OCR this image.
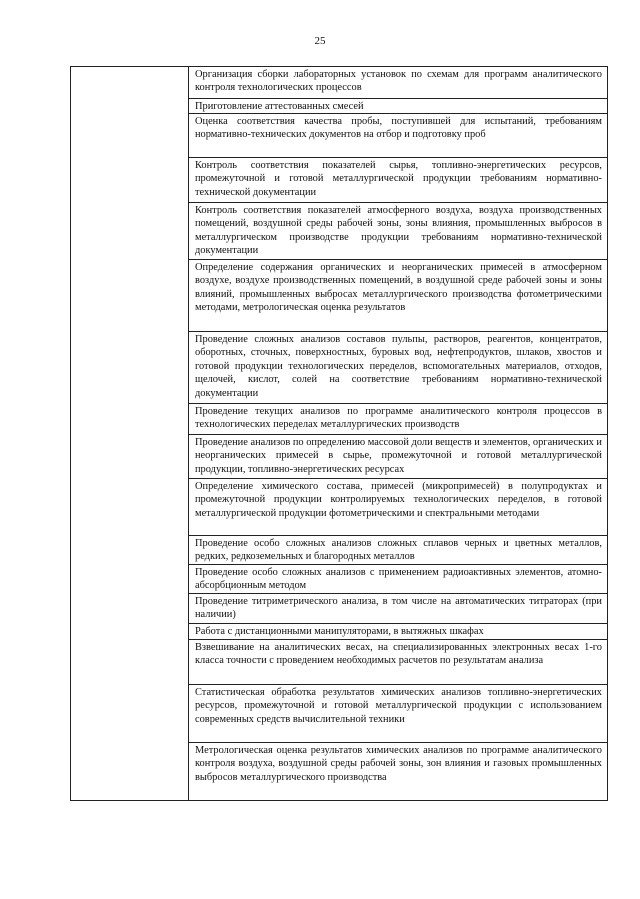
25

Организация сборки лабораторных установок по схемам для программ аналитического контроля технологических процессов

Приготовление аттестованных смесей

Оценка соответствия качества пробы, поступившей для испытаний, требованиям нормативно-технических документов на отбор и подготовку проб

Контроль соответствия показателей сырья, топливно-энергетических ресурсов, промежуточной и готовой металлургической продукции требованиям нормативно-технической документации

Контроль соответствия показателей атмосферного воздуха, воздуха производственных помещений, воздушной среды рабочей зоны, зоны влияния, промышленных выбросов в металлургическом производстве продукции требованиям нормативно-технической документации

Определение содержания органических и неорганических примесей в атмосферном воздухе, воздухе производственных помещений, в воздушной среде рабочей зоны и зоны влияний, промышленных выбросах металлургического производства фотометрическими методами, метрологическая оценка результатов

Проведение сложных анализов составов пульпы, растворов, реагентов, концентратов, оборотных, сточных, поверхностных, буровых вод, нефтепродуктов, шлаков, хвостов и готовой продукции технологических переделов, вспомогательных материалов, отходов, щелочей, кислот, солей на соответствие требованиям нормативно-технической документации

Проведение текущих анализов по программе аналитического контроля процессов в технологических переделах металлургических производств

Проведение анализов по определению массовой доли веществ и элементов, органических и неорганических примесей в сырье, промежуточной и готовой металлургической продукции, топливно-энергетических ресурсах

Определение химического состава, примесей (микропримесей) в полупродуктах и промежуточной продукции контролируемых технологических переделов, в готовой металлургической продукции фотометрическими и спектральными методами

Проведение особо сложных анализов сложных сплавов черных и цветных металлов, редких, редкоземельных и благородных металлов

Проведение особо сложных анализов с применением радиоактивных элементов, атомно-абсорбционным методом

Проведение титриметрического анализа, в том числе на автоматических титраторах (при наличии)

Работа с дистанционными манипуляторами, в вытяжных шкафах

Взвешивание на аналитических весах, на специализированных электронных весах 1-го класса точности с проведением необходимых расчетов по результатам анализа

Статистическая обработка результатов химических анализов топливно-энергетических ресурсов, промежуточной и готовой металлургической продукции с использованием современных средств вычислительной техники

Метрологическая оценка результатов химических анализов по программе аналитического контроля воздуха, воздушной среды рабочей зоны, зон влияния и газовых промышленных выбросов металлургического производства
